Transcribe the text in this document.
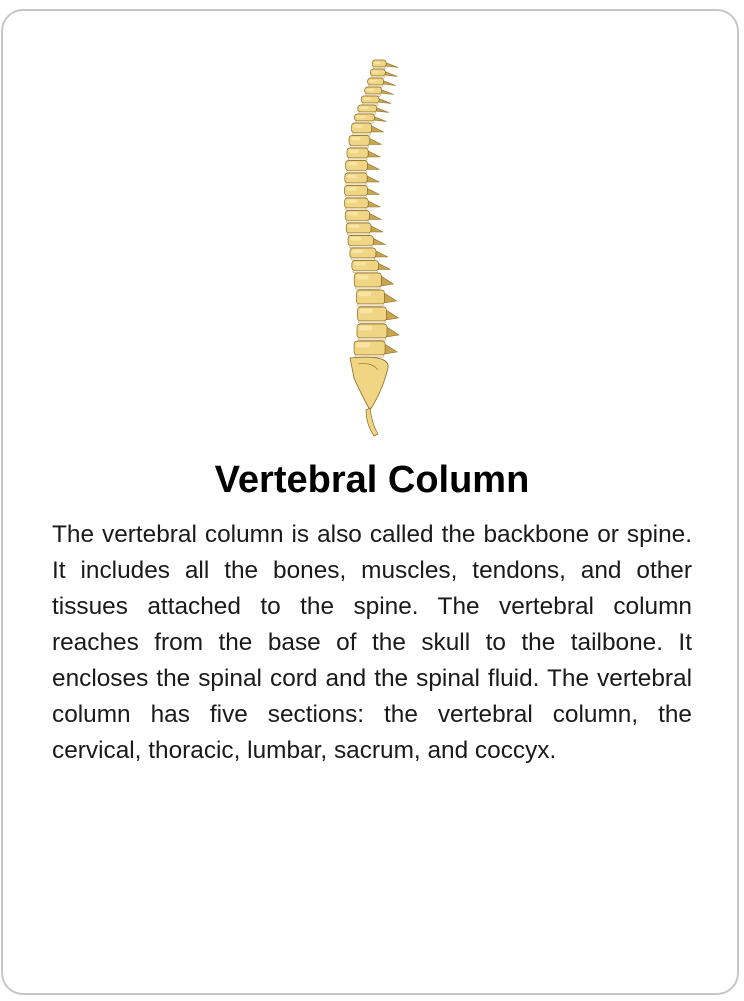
Vertebral Column

The vertebral column is also called the backbone or spine. It includes all the bones, muscles, tendons, and other tissues attached to the spine. The vertebral column reaches from the base of the skull to the tailbone. It encloses the spinal cord and the spinal fluid. The vertebral column has five sections: the vertebral column, the cervical, thoracic, lumbar, sacrum, and coccyx.
